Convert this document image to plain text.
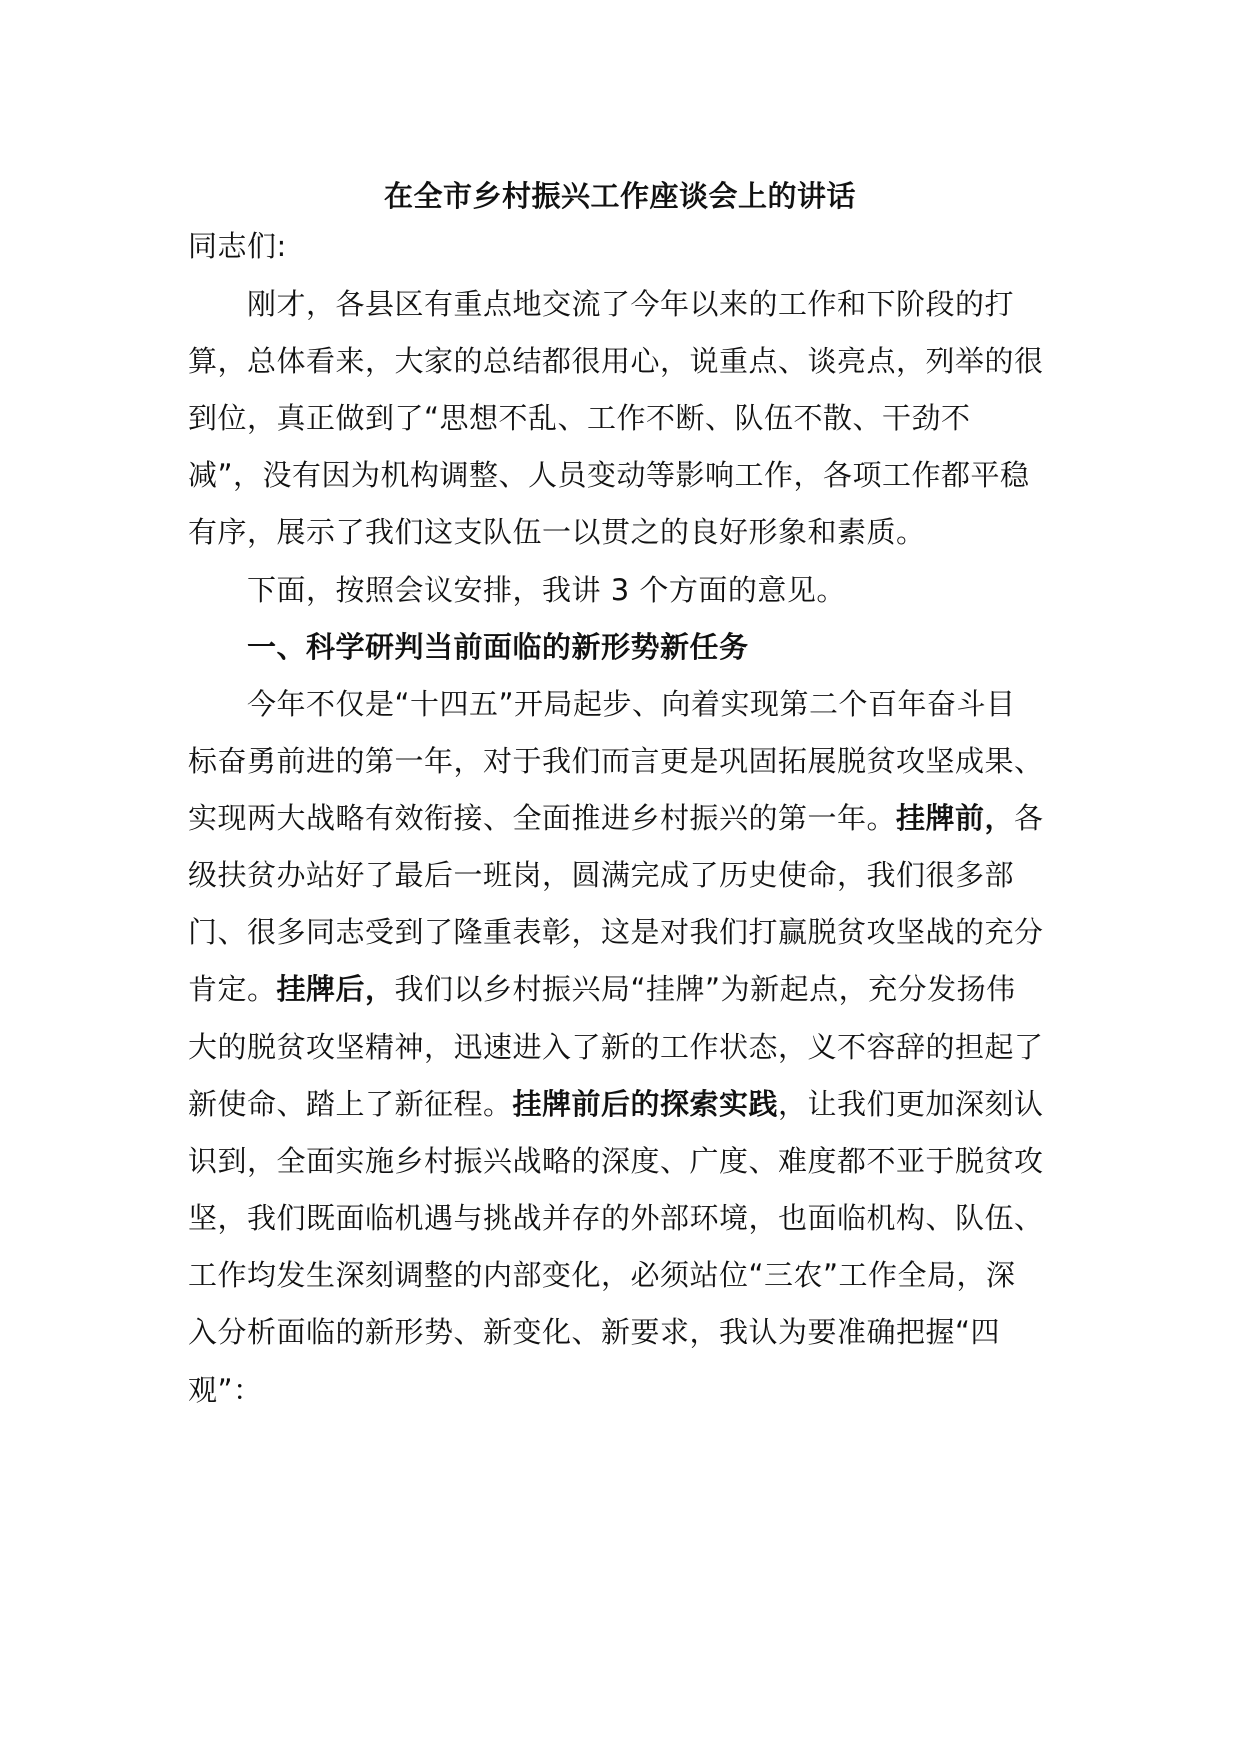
在全市乡村振兴工作座谈会上的讲话
同志们:
刚才，各县区有重点地交流了今年以来的工作和下阶段的打
算，总体看来，大家的总结都很用心，说重点、谈亮点，列举的很
到位，真正做到了“思想不乱、工作不断、队伍不散、干劲不
减”，没有因为机构调整、人员变动等影响工作，各项工作都平稳
有序，展示了我们这支队伍一以贯之的良好形象和素质。
下面，按照会议安排，我讲 3 个方面的意见。
一、科学研判当前面临的新形势新任务
今年不仅是“十四五”开局起步、向着实现第二个百年奋斗目
标奋勇前进的第一年，对于我们而言更是巩固拓展脱贫攻坚成果、
实现两大战略有效衔接、全面推进乡村振兴的第一年。挂牌前，各
级扶贫办站好了最后一班岗，圆满完成了历史使命，我们很多部
门、很多同志受到了隆重表彰，这是对我们打赢脱贫攻坚战的充分
肯定。挂牌后，我们以乡村振兴局“挂牌”为新起点，充分发扬伟
大的脱贫攻坚精神，迅速进入了新的工作状态，义不容辞的担起了
新使命、踏上了新征程。挂牌前后的探索实践，让我们更加深刻认
识到，全面实施乡村振兴战略的深度、广度、难度都不亚于脱贫攻
坚，我们既面临机遇与挑战并存的外部环境，也面临机构、队伍、
工作均发生深刻调整的内部变化，必须站位“三农”工作全局，深
入分析面临的新形势、新变化、新要求，我认为要准确把握“四
观”：
